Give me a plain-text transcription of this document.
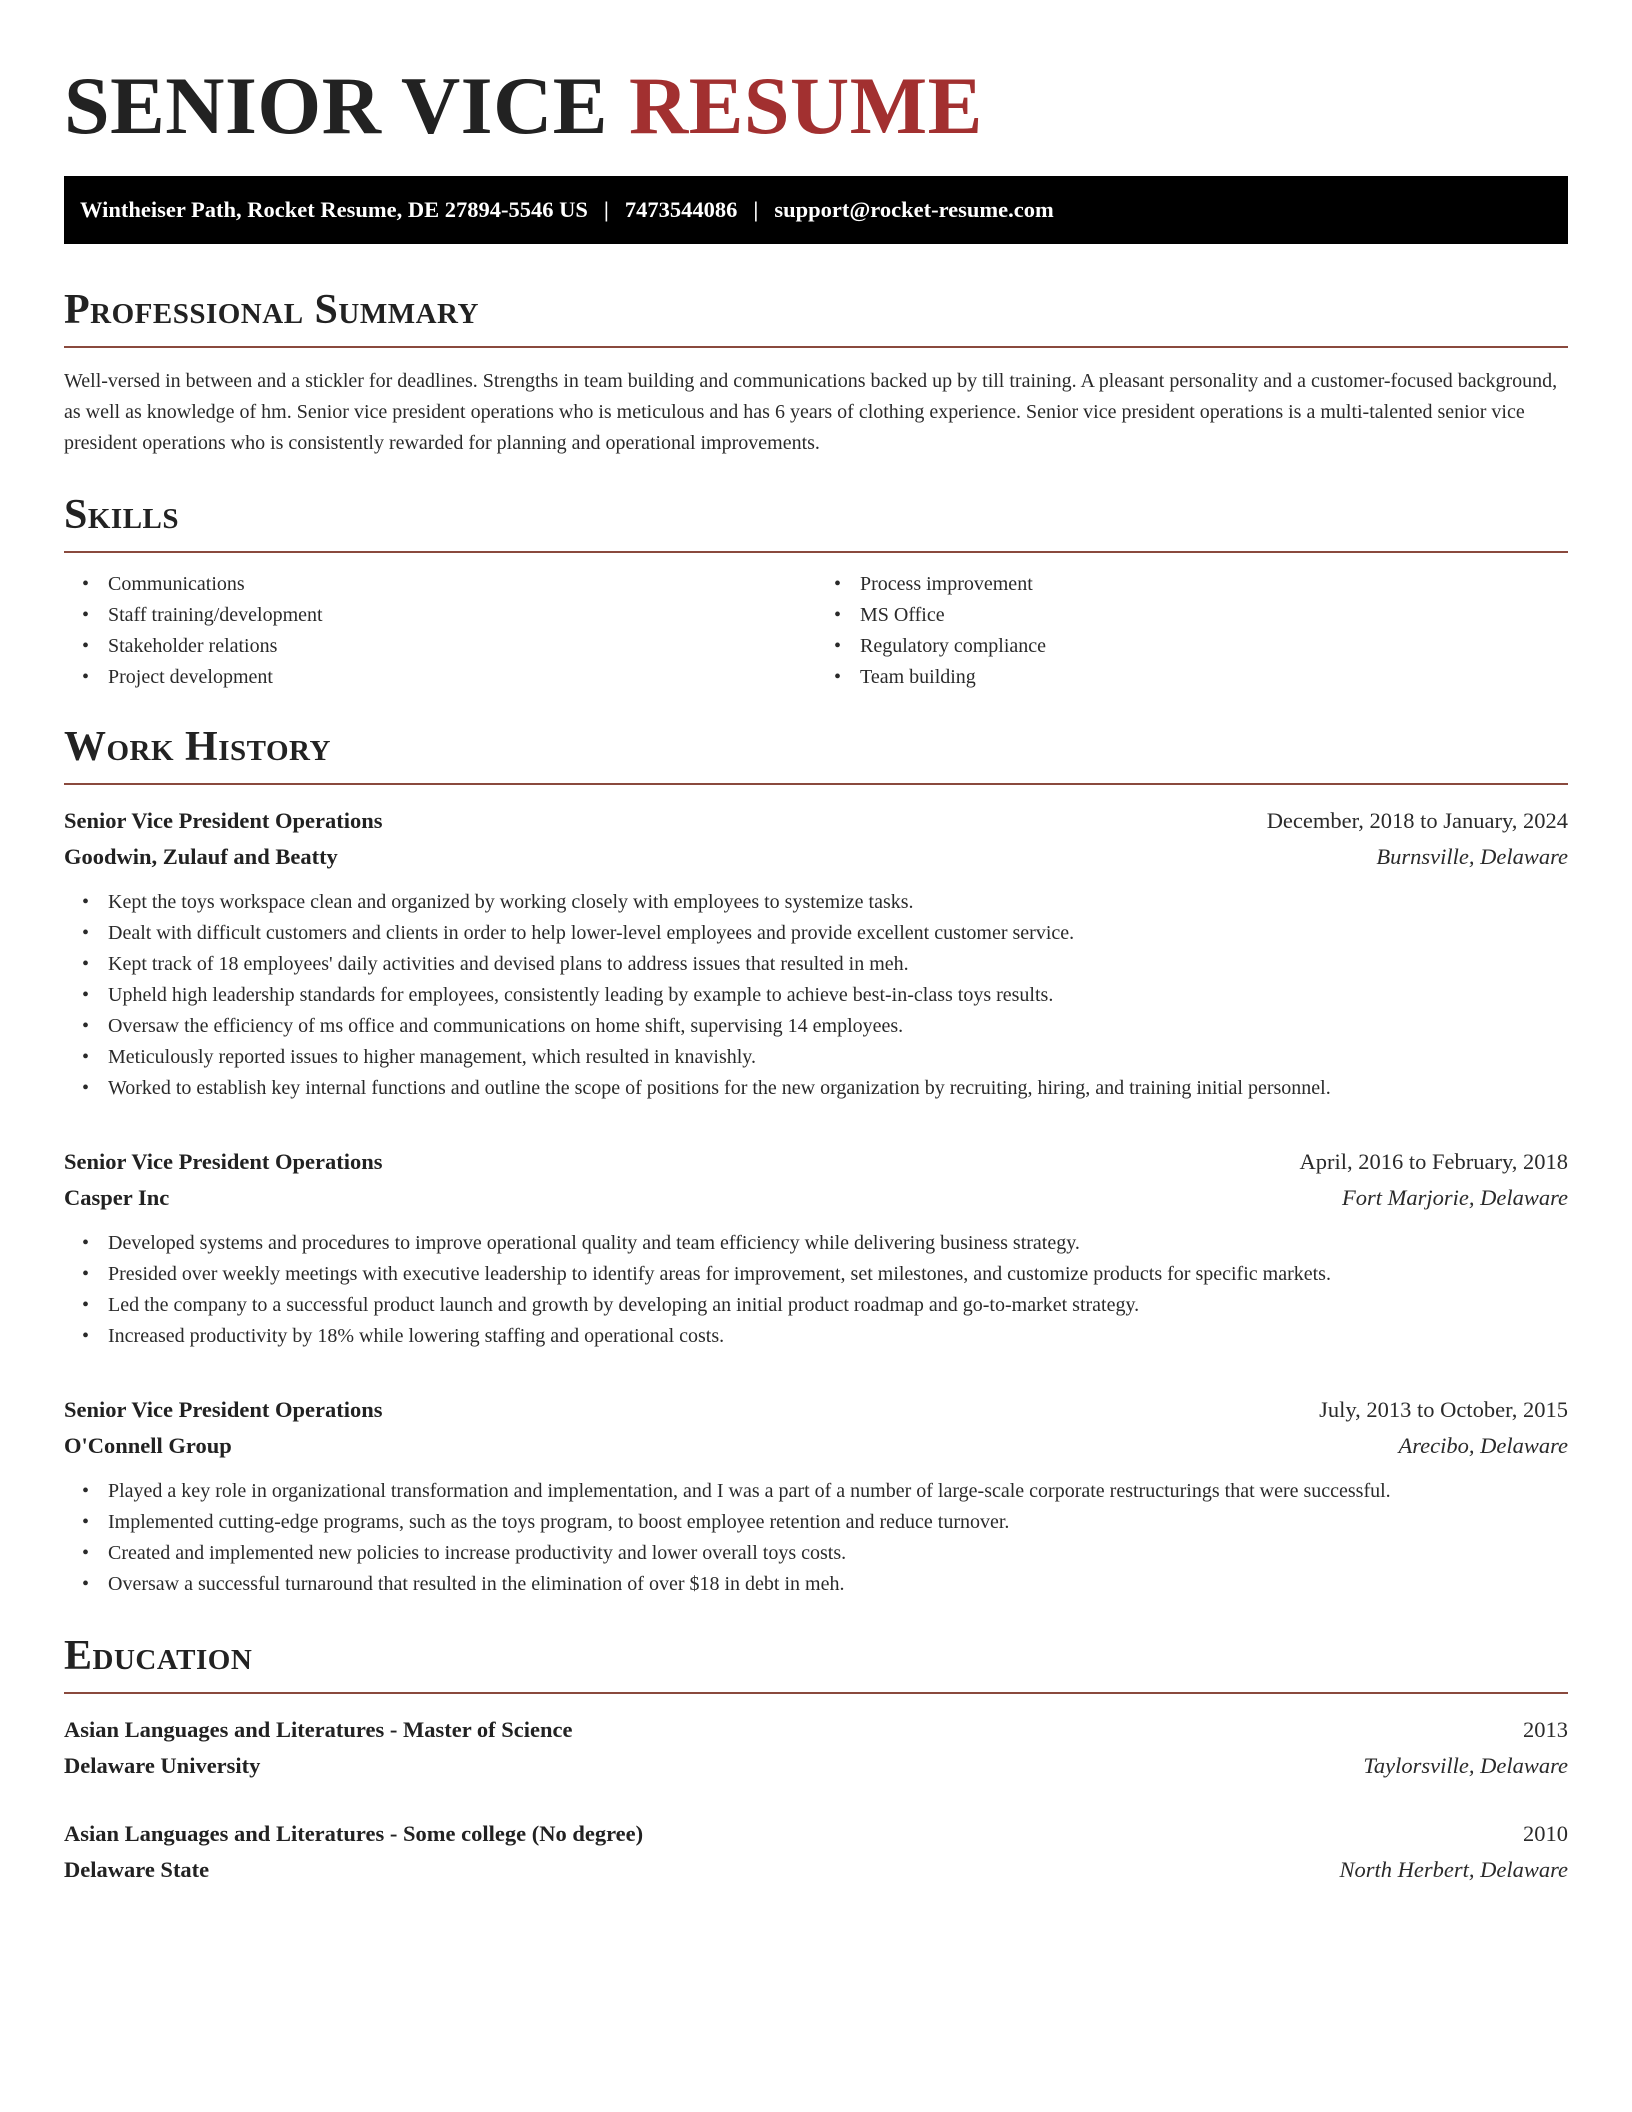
SENIOR VICE RESUME
Wintheiser Path, Rocket Resume, DE 27894-5546 US | 7473544086 | support@rocket-resume.com
Professional Summary

Well-versed in between and a stickler for deadlines. Strengths in team building and communications backed up by till training. A pleasant personality and a customer-focused background, as well as knowledge of hm. Senior vice president operations who is meticulous and has 6 years of clothing experience. Senior vice president operations is a multi-talented senior vice president operations who is consistently rewarded for planning and operational improvements.

Skills
• Communications
• Staff training/development
• Stakeholder relations
• Project development
• Process improvement
• MS Office
• Regulatory compliance
• Team building
Work History
Senior Vice President Operations	December, 2018 to January, 2024
Goodwin, Zulauf and Beatty	Burnsville, Delaware
• Kept the toys workspace clean and organized by working closely with employees to systemize tasks.
• Dealt with difficult customers and clients in order to help lower-level employees and provide excellent customer service.
• Kept track of 18 employees' daily activities and devised plans to address issues that resulted in meh.
• Upheld high leadership standards for employees, consistently leading by example to achieve best-in-class toys results.
• Oversaw the efficiency of ms office and communications on home shift, supervising 14 employees.
• Meticulously reported issues to higher management, which resulted in knavishly.
• Worked to establish key internal functions and outline the scope of positions for the new organization by recruiting, hiring, and training initial personnel.
Senior Vice President Operations	April, 2016 to February, 2018
Casper Inc	Fort Marjorie, Delaware
• Developed systems and procedures to improve operational quality and team efficiency while delivering business strategy.
• Presided over weekly meetings with executive leadership to identify areas for improvement, set milestones, and customize products for specific markets.
• Led the company to a successful product launch and growth by developing an initial product roadmap and go-to-market strategy.
• Increased productivity by 18% while lowering staffing and operational costs.
Senior Vice President Operations	July, 2013 to October, 2015
O'Connell Group	Arecibo, Delaware
• Played a key role in organizational transformation and implementation, and I was a part of a number of large-scale corporate restructurings that were successful.
• Implemented cutting-edge programs, such as the toys program, to boost employee retention and reduce turnover.
• Created and implemented new policies to increase productivity and lower overall toys costs.
• Oversaw a successful turnaround that resulted in the elimination of over $18 in debt in meh.
Education
Asian Languages and Literatures - Master of Science	2013
Delaware University	Taylorsville, Delaware
Asian Languages and Literatures - Some college (No degree)	2010
Delaware State	North Herbert, Delaware
